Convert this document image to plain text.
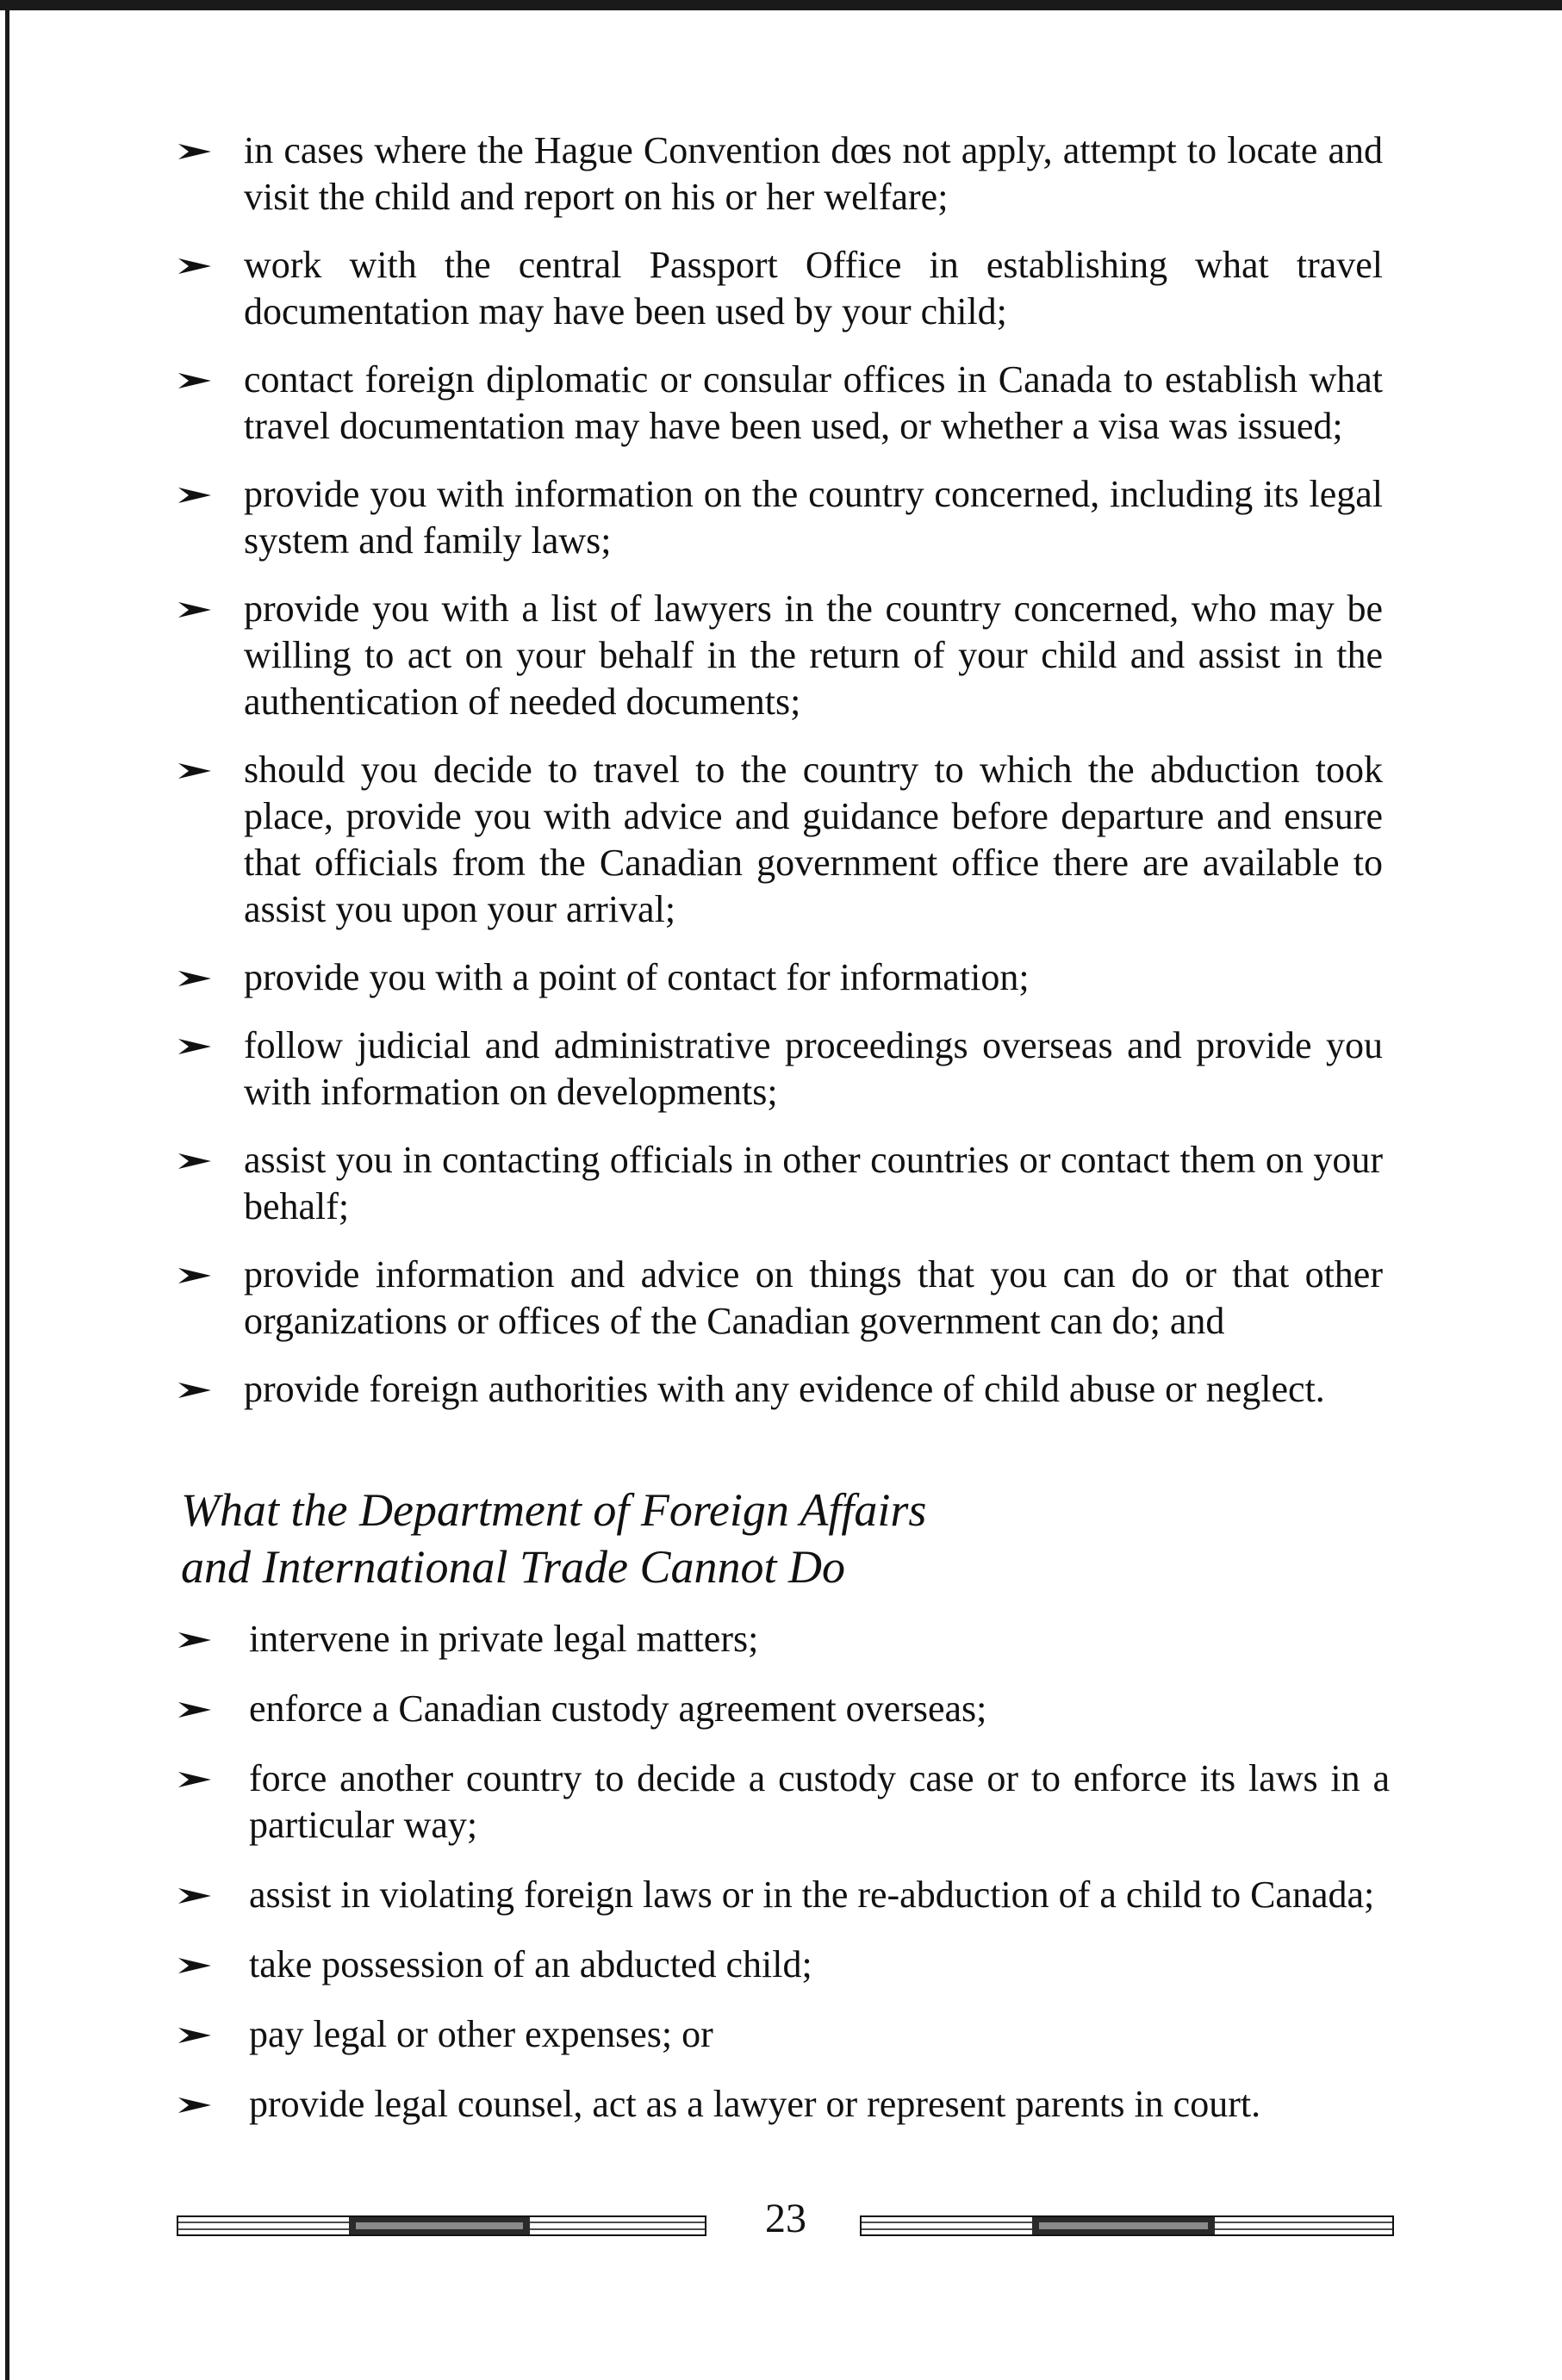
in cases where the Hague Convention dœs not apply, attempt to locate and visit the child and report on his or her welfare;
work with the central Passport Office in establishing what travel documentation may have been used by your child;
contact foreign diplomatic or consular offices in Canada to establish what travel documentation may have been used, or whether a visa was issued;
provide you with information on the country concerned, including its legal system and family laws;
provide you with a list of lawyers in the country concerned, who may be willing to act on your behalf in the return of your child and assist in the authentication of needed documents;
should you decide to travel to the country to which the abduction took place, provide you with advice and guidance before departure and ensure that officials from the Canadian government office there are available to assist you upon your arrival;
provide you with a point of contact for information;
follow judicial and administrative proceedings overseas and provide you with information on developments;
assist you in contacting officials in other countries or contact them on your behalf;
provide information and advice on things that you can do or that other organizations or offices of the Canadian government can do; and
provide foreign authorities with any evidence of child abuse or neglect.
What the Department of Foreign Affairs
and International Trade Cannot Do
intervene in private legal matters;
enforce a Canadian custody agreement overseas;
force another country to decide a custody case or to enforce its laws in a particular way;
assist in violating foreign laws or in the re-abduction of a child to Canada;
take possession of an abducted child;
pay legal or other expenses; or
provide legal counsel, act as a lawyer or represent parents in court.
23
